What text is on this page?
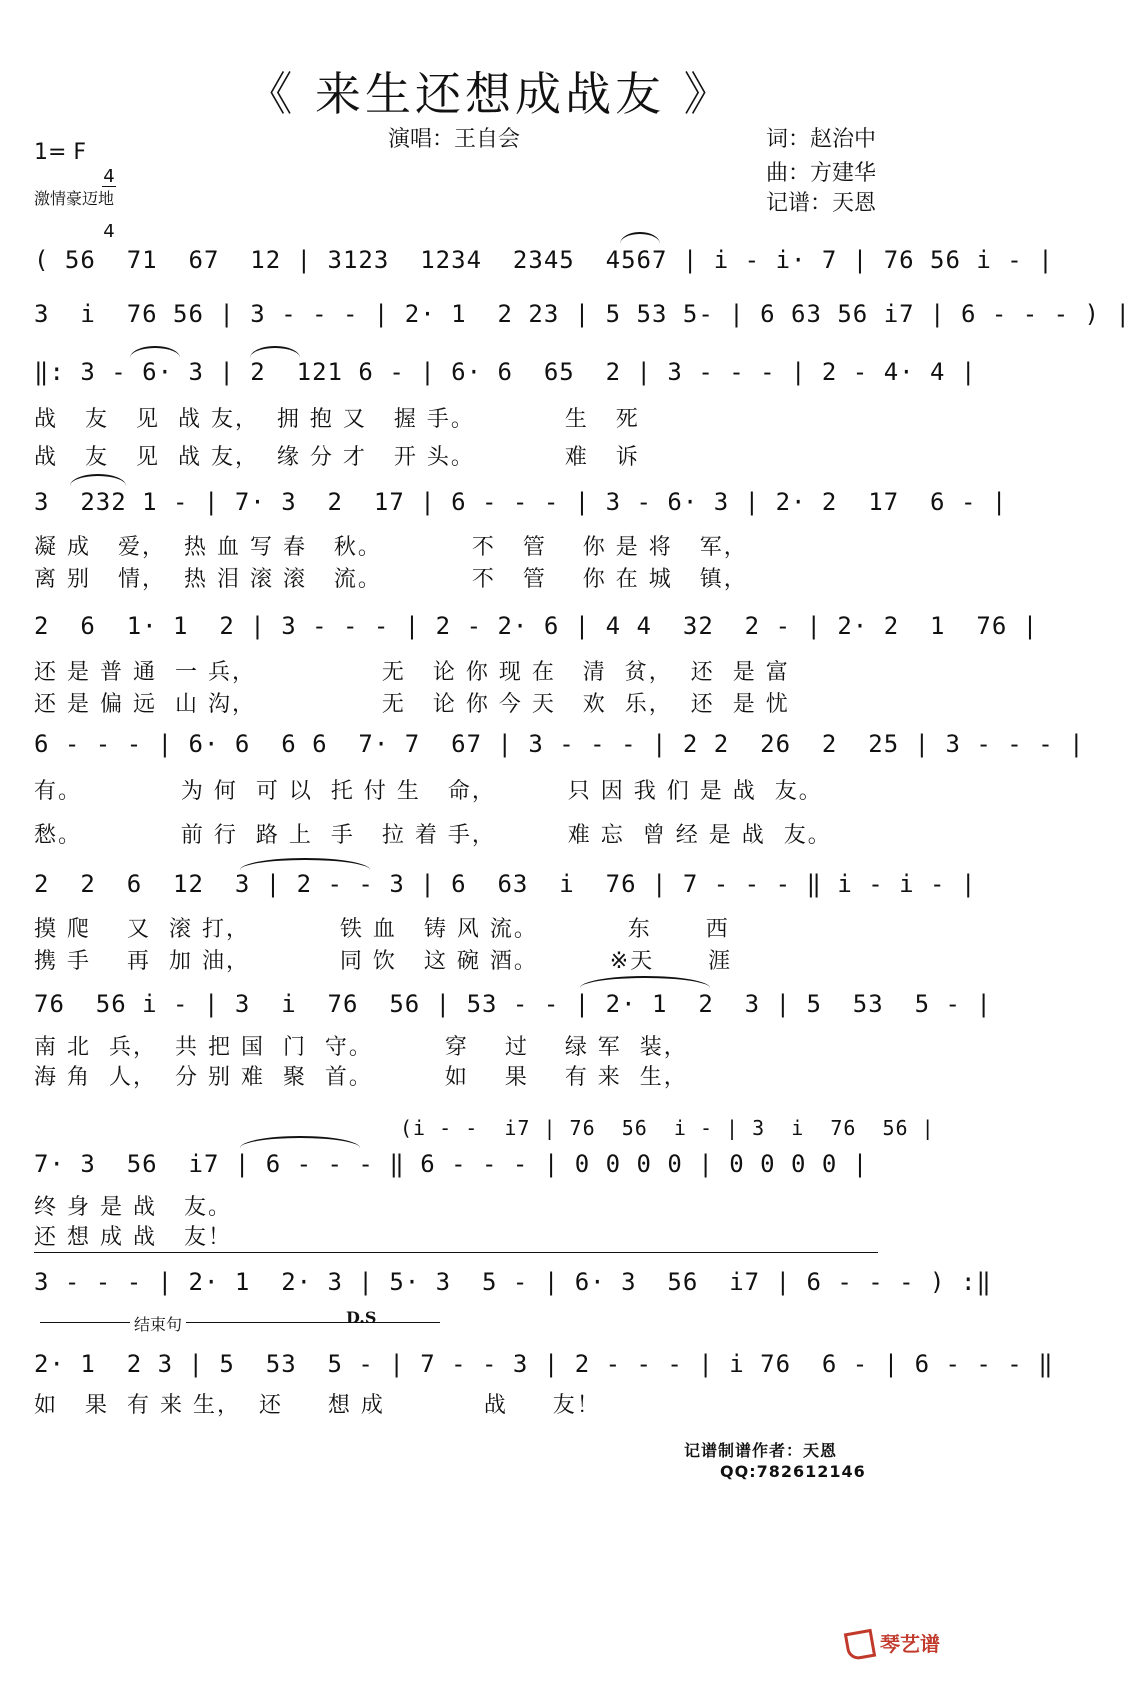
《 来生还想成战友 》
1= F

4

4

激情豪迈地
演唱：王自会	词：赵治中
曲：方建华
记谱：天恩
( 56  71  67  12 | 3123  1234  2345  4567 | i - i· 7 | 76 56 i - |
3  i  76 56 | 3 - - - | 2· 1  2 23 | 5 53 5- | 6 63 56 i7 | 6 - - - ) |
‖: 3 - 6· 3 | 2  121 6 - | 6· 6  65  2 | 3 - - - | 2 - 4· 4 |
战   友   见  战 友，  拥 抱 又   握 手。          生   死
战   友   见  战 友，  缘 分 才   开 头。          难   诉
3  232 1 - | 7· 3  2  17 | 6 - - - | 3 - 6· 3 | 2· 2  17  6 - |
凝 成   爱，  热 血 写 春   秋。          不   管    你 是 将   军，
离 别   情，  热 泪 滚 滚   流。          不   管    你 在 城   镇，
2  6  1· 1  2 | 3 - - - | 2 - 2· 6 | 4 4  32  2 - | 2· 2  1  76 |
还 是 普 通  一 兵，              无   论 你 现 在   清  贫，  还  是 富
还 是 偏 远  山 沟，              无   论 你 今 天   欢  乐，  还  是 忧
6 - - - | 6· 6  6 6  7· 7  67 | 3 - - - | 2 2  26  2  25 | 3 - - - |
有。           为 何  可 以  托 付 生   命，        只 因 我 们 是 战  友。
愁。           前 行  路 上  手   拉 着 手，        难 忘  曾 经 是 战  友。
2  2  6  12  3 | 2 - - 3 | 6  63  i  76 | 7 - - - ‖ i - i - |
摸 爬    又  滚 打，          铁 血   铸 风 流。          东      西
携 手    再  加 油，          同 饮   这 碗 酒。        ※天      涯
76  56 i - | 3  i  76  56 | 53 - - | 2· 1  2  3 | 5  53  5 - |
南 北  兵，  共 把 国  门  守。        穿    过    绿 军  装，
海 角  人，  分 别 难  聚  首。        如    果    有 来  生，
(i - -  i7 | 76  56  i - | 3  i  76  56 |
7· 3  56  i7 | 6 - - - ‖ 6 - - - | 0 0 0 0 | 0 0 0 0 |
终 身 是 战   友。
还 想 成 战   友！
D.S
3 - - - | 2· 1  2· 3 | 5· 3  5 - | 6· 3  56  i7 | 6 - - - ) :‖
结束句
2· 1  2 3 | 5  53  5 - | 7 - - 3 | 2 - - - | i 76  6 - | 6 - - - ‖
如   果  有 来 生，  还     想 成           战     友！
记谱制谱作者：天恩
QQ:782612146
琴艺谱
